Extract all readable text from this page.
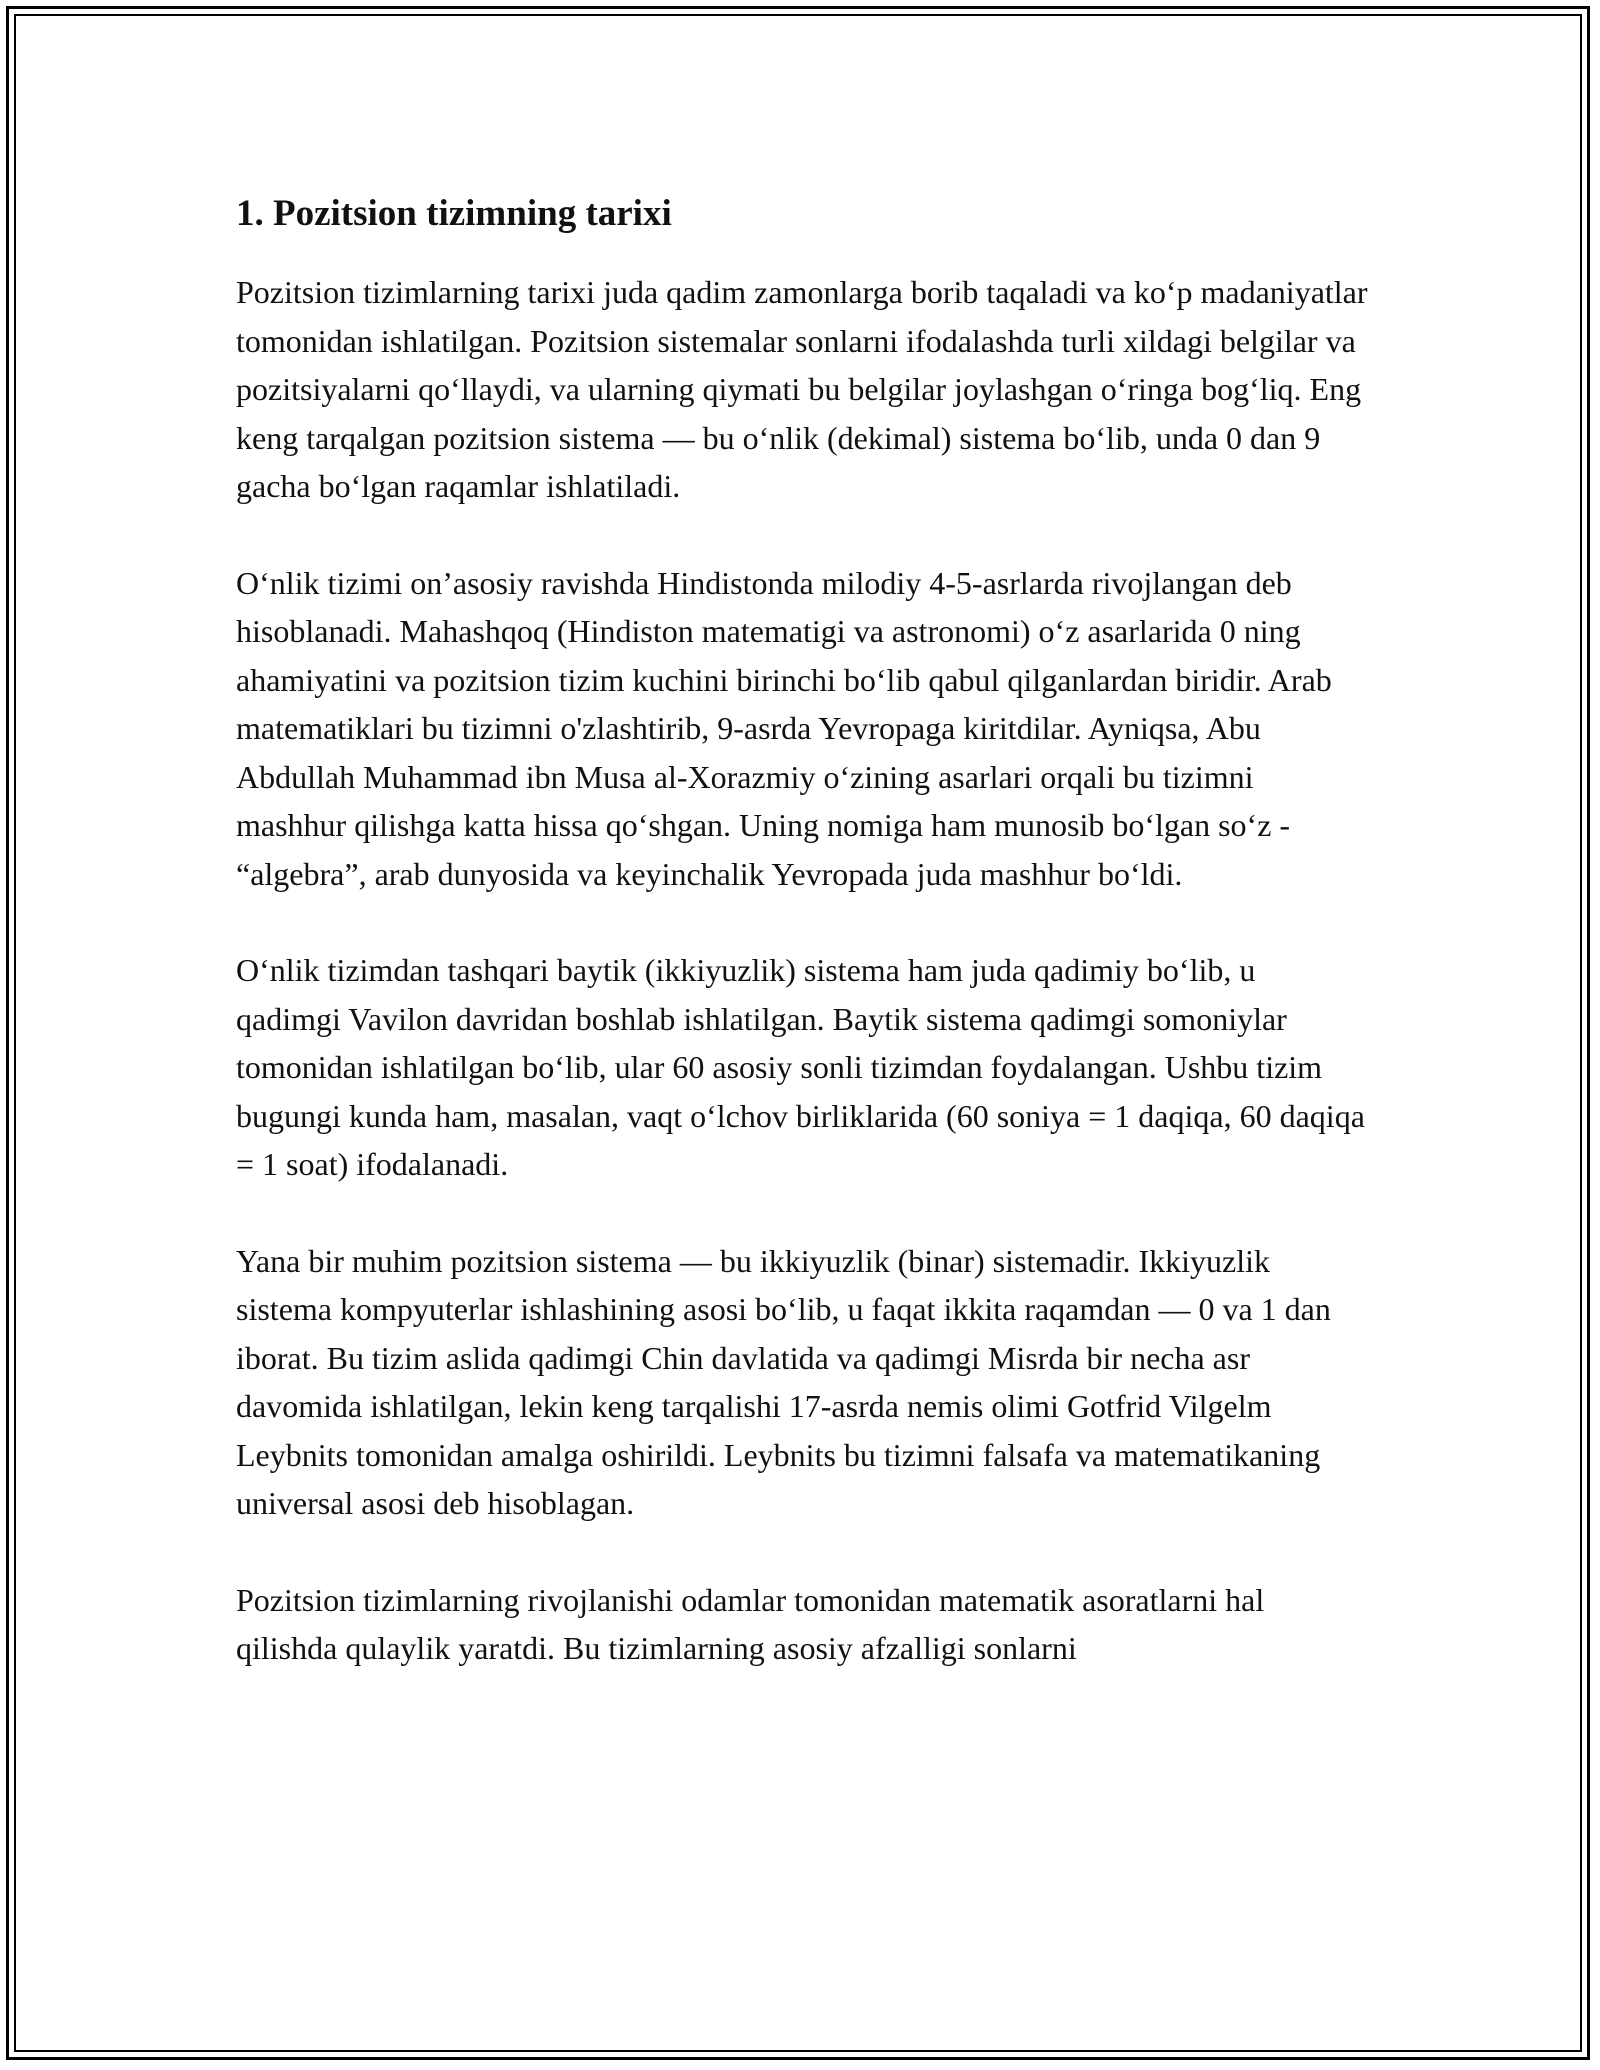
1. Pozitsion tizimning tarixi

Pozitsion tizimlarning tarixi juda qadim zamonlarga borib taqaladi va ko‘p madaniyatlar tomonidan ishlatilgan. Pozitsion sistemalar sonlarni ifodalashda turli xildagi belgilar va pozitsiyalarni qo‘llaydi, va ularning qiymati bu belgilar joylashgan o‘ringa bog‘liq. Eng keng tarqalgan pozitsion sistema — bu o‘nlik (dekimal) sistema bo‘lib, unda 0 dan 9 gacha bo‘lgan raqamlar ishlatiladi.

O‘nlik tizimi on’asosiy ravishda Hindistonda milodiy 4-5-asrlarda rivojlangan deb hisoblanadi. Mahashqoq (Hindiston matematigi va astronomi) o‘z asarlarida 0 ning ahamiyatini va pozitsion tizim kuchini birinchi bo‘lib qabul qilganlardan biridir. Arab matematiklari bu tizimni o'zlashtirib, 9-asrda Yevropaga kiritdilar. Ayniqsa, Abu Abdullah Muhammad ibn Musa al-Xorazmiy o‘zining asarlari orqali bu tizimni mashhur qilishga katta hissa qo‘shgan. Uning nomiga ham munosib bo‘lgan so‘z - “algebra”, arab dunyosida va keyinchalik Yevropada juda mashhur bo‘ldi.

O‘nlik tizimdan tashqari baytik (ikkiyuzlik) sistema ham juda qadimiy bo‘lib, u qadimgi Vavilon davridan boshlab ishlatilgan. Baytik sistema qadimgi somoniylar tomonidan ishlatilgan bo‘lib, ular 60 asosiy sonli tizimdan foydalangan. Ushbu tizim bugungi kunda ham, masalan, vaqt o‘lchov birliklarida (60 soniya = 1 daqiqa, 60 daqiqa = 1 soat) ifodalanadi.

Yana bir muhim pozitsion sistema — bu ikkiyuzlik (binar) sistemadir. Ikkiyuzlik sistema kompyuterlar ishlashining asosi bo‘lib, u faqat ikkita raqamdan — 0 va 1 dan iborat. Bu tizim aslida qadimgi Chin davlatida va qadimgi Misrda bir necha asr davomida ishlatilgan, lekin keng tarqalishi 17-asrda nemis olimi Gotfrid Vilgelm Leybnits tomonidan amalga oshirildi. Leybnits bu tizimni falsafa va matematikaning universal asosi deb hisoblagan.

Pozitsion tizimlarning rivojlanishi odamlar tomonidan matematik asoratlarni hal qilishda qulaylik yaratdi. Bu tizimlarning asosiy afzalligi sonlarni
